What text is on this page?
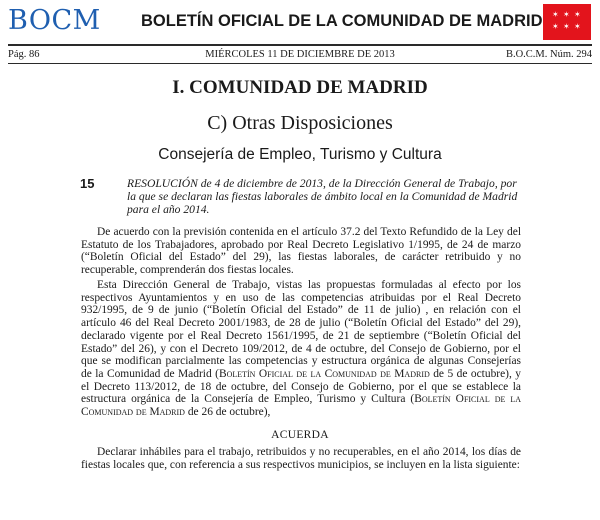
BOCM BOLETÍN OFICIAL DE LA COMUNIDAD DE MADRID ✶ ✶ ✶
✶ ✶ ✶
Pág. 86	MIÉRCOLES 11 DE DICIEMBRE DE 2013	B.O.C.M. Núm. 294
I. COMUNIDAD DE MADRID
C) Otras Disposiciones
Consejería de Empleo, Turismo y Cultura
15	RESOLUCIÓN de 4 de diciembre de 2013, de la Dirección General de Trabajo, por la que se declaran las fiestas laborales de ámbito local en la Comunidad de Madrid para el año 2014.

De acuerdo con la previsión contenida en el artículo 37.2 del Texto Refundido de la Ley del Estatuto de los Trabajadores, aprobado por Real Decreto Legislativo 1/1995, de 24 de marzo (“Boletín Oficial del Estado” del 29), las fiestas laborales, de carácter retribuido y no recuperable, comprenderán dos fiestas locales.

Esta Dirección General de Trabajo, vistas las propuestas formuladas al efecto por los respectivos Ayuntamientos y en uso de las competencias atribuidas por el Real Decreto 932/1995, de 9 de junio (“Boletín Oficial del Estado” de 11 de julio) , en relación con el artículo 46 del Real Decreto 2001/1983, de 28 de julio (“Boletín Oficial del Estado” del 29), declarado vigente por el Real Decreto 1561/1995, de 21 de septiembre (“Boletín Oficial del Estado” del 26), y con el Decreto 109/2012, de 4 de octubre, del Consejo de Gobierno, por el que se modifican parcialmente las competencias y estructura orgánica de algunas Consejerías de la Comunidad de Madrid (Boletín Oficial de la Comunidad de Madrid de 5 de octubre), y el Decreto 113/2012, de 18 de octubre, del Consejo de Gobierno, por el que se establece la estructura orgánica de la Consejería de Empleo, Turismo y Cultura (Boletín Oficial de la Comunidad de Madrid de 26 de octubre),

ACUERDA

Declarar inhábiles para el trabajo, retribuidos y no recuperables, en el año 2014, los días de fiestas locales que, con referencia a sus respectivos municipios, se incluyen en la lista siguiente:
